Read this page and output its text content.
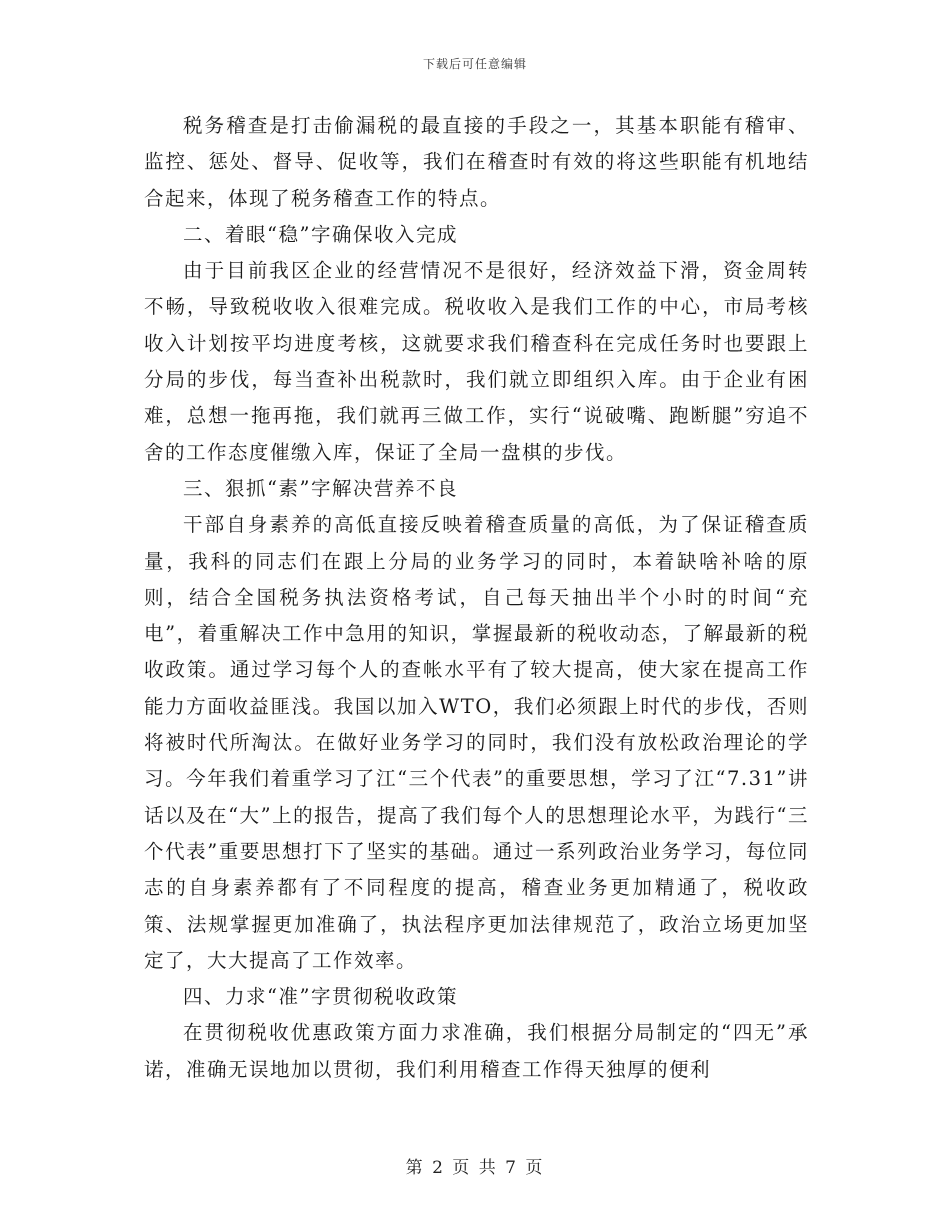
下载后可任意编辑

税务稽查是打击偷漏税的最直接的手段之一，其基本职能有稽审、监控、惩处、督导、促收等，我们在稽查时有效的将这些职能有机地结合起来，体现了税务稽查工作的特点。

二、着眼“稳”字确保收入完成

由于目前我区企业的经营情况不是很好，经济效益下滑，资金周转不畅，导致税收收入很难完成。税收收入是我们工作的中心，市局考核收入计划按平均进度考核，这就要求我们稽查科在完成任务时也要跟上分局的步伐，每当查补出税款时，我们就立即组织入库。由于企业有困难，总想一拖再拖，我们就再三做工作，实行“说破嘴、跑断腿”穷追不舍的工作态度催缴入库，保证了全局一盘棋的步伐。

三、狠抓“素”字解决营养不良

干部自身素养的高低直接反映着稽查质量的高低，为了保证稽查质量，我科的同志们在跟上分局的业务学习的同时，本着缺啥补啥的原则，结合全国税务执法资格考试，自己每天抽出半个小时的时间“充电”，着重解决工作中急用的知识，掌握最新的税收动态，了解最新的税收政策。通过学习每个人的查帐水平有了较大提高，使大家在提高工作能力方面收益匪浅。我国以加入WTO，我们必须跟上时代的步伐，否则将被时代所淘汰。在做好业务学习的同时，我们没有放松政治理论的学习。今年我们着重学习了江“三个代表”的重要思想，学习了江“7.31”讲话以及在“大”上的报告，提高了我们每个人的思想理论水平，为践行“三个代表”重要思想打下了坚实的基础。通过一系列政治业务学习，每位同志的自身素养都有了不同程度的提高，稽查业务更加精通了，税收政策、法规掌握更加准确了，执法程序更加法律规范了，政治立场更加坚定了，大大提高了工作效率。

四、力求“准”字贯彻税收政策

在贯彻税收优惠政策方面力求准确，我们根据分局制定的“四无”承诺，准确无误地加以贯彻，我们利用稽查工作得天独厚的便利

第 2 页 共 7 页
